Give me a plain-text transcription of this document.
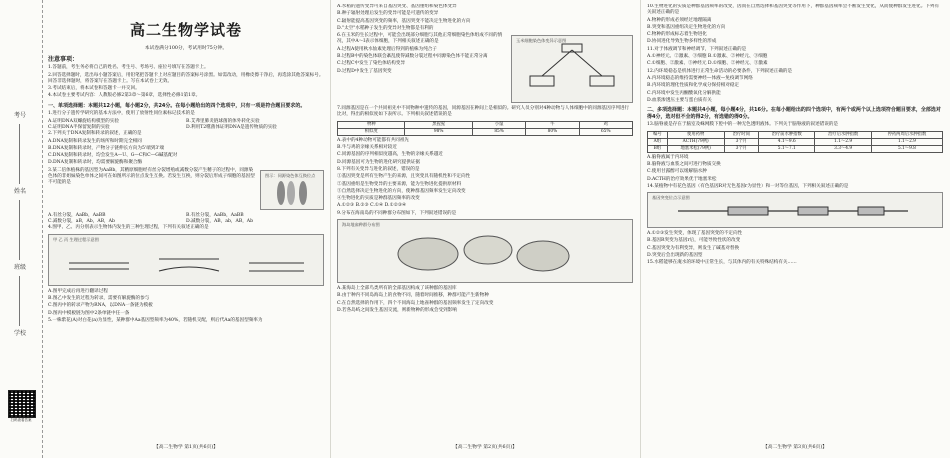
考号
姓名
班级
学校
扫码查看答案
高二生物学试卷
本试卷满分100分，考试用时75分钟。
注意事项：

1.答题前，考生务必将自己的姓名、考生号、考场号、座位号填写在答题卡上。

2.回答选择题时，选出每小题答案后，用铅笔把答题卡上对应题目的答案标号涂黑。如需改动，用橡皮擦干净后，再选涂其他答案标号。回答非选择题时，将答案写在答题卡上。写在本试卷上无效。

3.考试结束后，将本试卷和答题卡一并交回。

4.本试卷主要考试内容：人教版必修2第3章～第6章，选择性必修1第1章。

一、单项选择题：本题共12小题，每小题2分，共24分。在每小题给出的四个选项中，只有一项是符合题目要求的。

1.进行分子遗传学研究的基本方法中，使用了放射性同位素标记技术的是

A.证明DNA双螺旋结构模型的实验	B.艾弗里肺炎链球菌的体外转化实验
C.证明DNA半保留复制的实验	D.利用T2噬菌体证明DNA是遗传物质的实验

2.下列关于DNA复制和转录的叙述，正确的是

A.DNA复制和转录发生的场所和时期完全相同

B.DNA复制和转录时，产物分子链伸长方向为5'端到3'端

C.DNA复制和转录时，均会发生A—U、G—C和C—G碱基配对

D.DNA复制和转录时，均需要解旋酶和聚合酶

3.某二倍体植株的基因型为AaBb，其精原细胞经有丝分裂增殖或减数分裂产生精子的过程中，同源染色体的非姐妹染色单体之间可在如图所示的位点发生互换。若发生互换，则分裂后形成子细胞的基因型不可能的是

图示：同源染色体互换位点
A.有丝分裂，AaBb，AaBB	B.有丝分裂，AaBb，AaBB
C.减数分裂，aB，Ab，AB，Ab	D.减数分裂，AB，ab，AB，Ab

4.图甲、乙、丙分别表示生物体内发生的三种生理过程，下列有关叙述正确的是

甲 乙 丙 生理过程示意图

A.图甲完成后再进行翻译过程

B.图乙中发生的过程为转录，需要有解旋酶的参与

C.图丙中的转录产物为RNA，以DNA一条链为模板

D.图丙中模板链为图中2条单链中任一条

5.一株紫花(A)对白花(a)为显性，某种群中Aa基因型频率为40%，若随机交配，则后代Aa的基因型频率为

A.水稻的遗传变异可来自基因突变、基因重组和染色体变异

B.种子辐射处理后发生的变异可能是可遗传的变异

C.辐射能提高基因突变的频率，基因突变不能决定生物进化的方向

D."太空"水稻种子发生的变异对生物都是有利的

6.在玉米的生长过程中，可能会出现部分细胞与其他正常细胞染色体组成不同的情况，其中A～I表示体细胞，下列相关叙述正确的是

A.过程A使用秋水仙素处理后得到的植株为纯合子

B.过程B中的染色体联会紊乱使得减数分裂过程中同源染色体不能正常分离

C.过程C中发生了染色体结构变异

D.过程D中发生了基因突变

玉米细胞染色体变异示意图

7.同源基因是在一个共同祖先中不同物种中遗传的基因，同源基因在种间上是相似的。研究人员分别对4种动物与人体细胞中的同源基因序列进行比对，得出的相似度如下表所示。下列相关叙述错误的是

物种	黑猩猩	小鼠	牛	鸡
相似度	98%	85%	80%	65%

A.表中的4种动物可能都有共同祖先

B.牛与鸡的亲缘关系相对较近

C.同源基因的序列相似度越高，生物的亲缘关系越近

D.同源基因可为生物的进化研究提供证据

8.下列有关变异与进化的叙述，错误的是

①基因突变是所有生物产生的来源，且突变具有随机性和不定向性

②基因重组是生物变异的主要来源，能为生物进化提供原材料

③自然选择决定生物进化的方向，使种群基因频率发生定向改变

④生物进化的实质是种群基因频率的改变

A.①②③ B.②③ C.①④ D.①②③④

9.分布在海南岛的不同种群分布图如下，下列叙述错误的是

海岛地雀种群分布图

A.某海岛上全部鸟类所有的全部基因构成了该种群的基因库

B.由于种内不同岛海岛上的食物不同，随着时间推移，种群可能产生新物种

C.在自然选择的作用下，四个不同海岛上地雀种群的基因频率发生了定向改变

D.若各岛屿之间发生基因交流，则新物种的形成会受到影响

10.生物进化的实质是种群基因频率的改变，因而在自然选择和基因突变等作用下，种群基因频率会不断发生变化，从而使种群发生进化。下列有关叙述正确的是

A.物种的形成必须经过地理隔离

B.突变和基因重组决定生物进化的方向

C.物种的形成标志着生物进化

D.协同进化导致生物多样性的形成

11.对于体液调节和神经调节，下列叙述正确的是

A.①神经元、②激素、③细胞 B.①激素、②神经元、③细胞

C.①细胞、②激素、③神经元 D.①细胞、②神经元、③激素

12.内环境稳态是机体进行正常生命活动的必要条件，下列叙述正确的是

A.内环境稳态的维持需要神经—体液—免疫调节网络

B.内环境的理化性质和化学成分保持相对稳定

C.内环境中发生丙酮酸氧化分解供能

D.血浆渗透压主要与蛋白质有关

二、多项选择题：本题共4小题，每小题4分，共16分。在每小题给出的四个选项中，有两个或两个以上选项符合题目要求，全部选对得4分，选对但不全的得2分，有选错的得0分。

13.脑脊液是存在于脑室及蛛网膜下腔中的一种无色透明液体。下列关于脑脊液的叙述错误的是

编号	使用药物	治疗时间	治疗前水肿指数	治疗后水肿指数	停药两周后水肿指数
A组	ACTH(79例)	3个月	4.1～9.6	1.1～2.9	1.1～2.9
B组	地塞米松(79例)	3个月	5.1～7.1	3.3～4.9	5.1～9.8

A.脑脊液属于内环境

B.脑脊液与血浆之间可进行物质交换

C.使用甘露醇可以缓解脑水肿

D.ACTH的治疗效果优于地塞米松

14.某植物中有花色基因（有色基因R对无色基因r为显性）和一对等位基因，下列相关叙述正确的是

基因突变位点示意图

A.①②③发生突变，体现了基因突变的不定向性

B.基因R突变为基因r后，可能导致性状的改变

C.基因突变为有利变异，则发生了碱基对替换

D.突变后会出现新的基因型

15.水稻能够在淹水的环境中正常生长，与其体内的有关特殊结构有关……

【高二生物学 第1页(共6页)】	【高二生物学 第2页(共6页)】	【高二生物学 第3页(共6页)】
